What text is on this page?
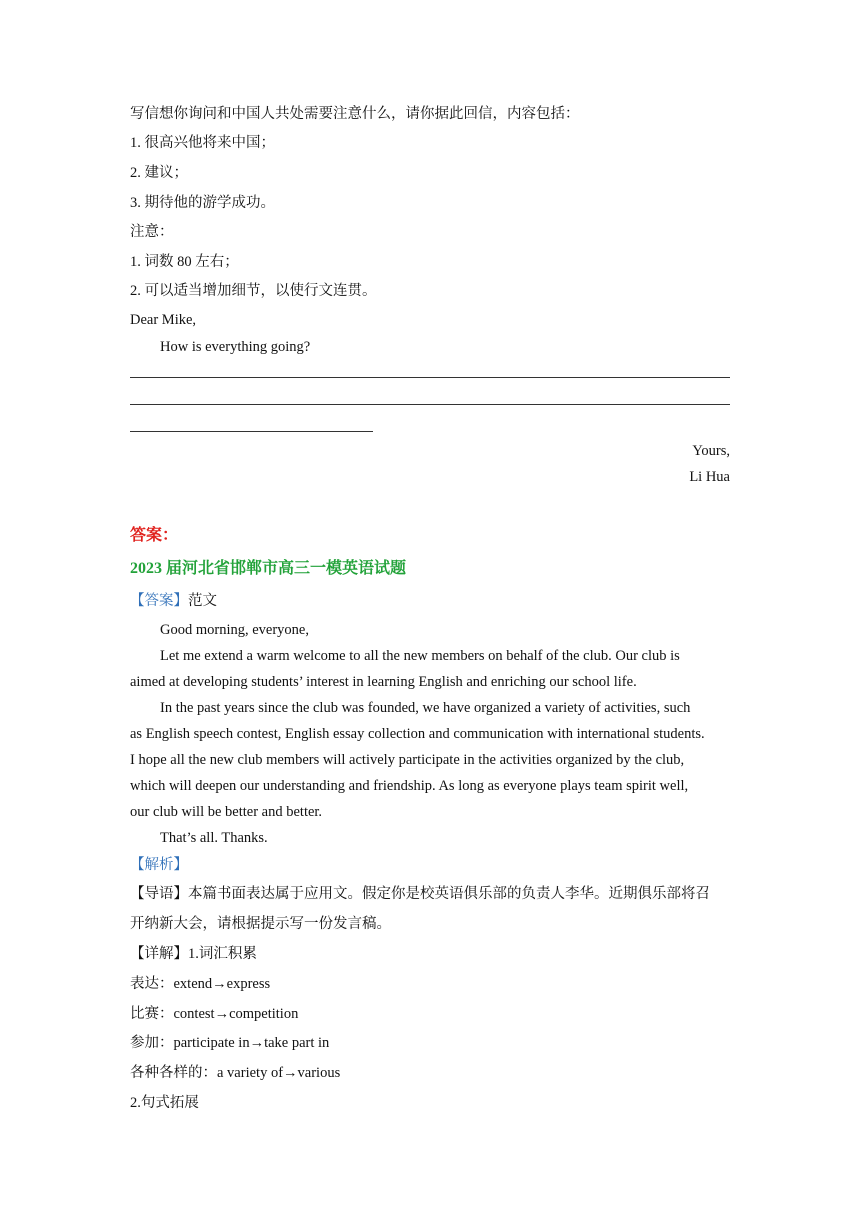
写信想你询问和中国人共处需要注意什么，请你据此回信，内容包括：
1. 很高兴他将来中国；
2. 建议；
3. 期待他的游学成功。
注意：
1. 词数 80 左右；
2. 可以适当增加细节，以使行文连贯。
Dear Mike,
How is everything going?
Yours,
Li Hua
答案：
2023 届河北省邯郸市高三一模英语试题
【答案】范文
Good morning, everyone,
Let me extend a warm welcome to all the new members on behalf of the club. Our club is
aimed at developing students’ interest in learning English and enriching our school life.
In the past years since the club was founded, we have organized a variety of activities, such
as English speech contest, English essay collection and communication with international students.
I hope all the new club members will actively participate in the activities organized by the club,
which will deepen our understanding and friendship. As long as everyone plays team spirit well,
our club will be better and better.
That’s all. Thanks.
【解析】
【导语】本篇书面表达属于应用文。假定你是校英语俱乐部的负责人李华。近期俱乐部将召
开纳新大会，请根据提示写一份发言稿。
【详解】1.词汇积累
表达：extend→express
比赛：contest→competition
参加：participate in→take part in
各种各样的：a variety of→various
2.句式拓展
